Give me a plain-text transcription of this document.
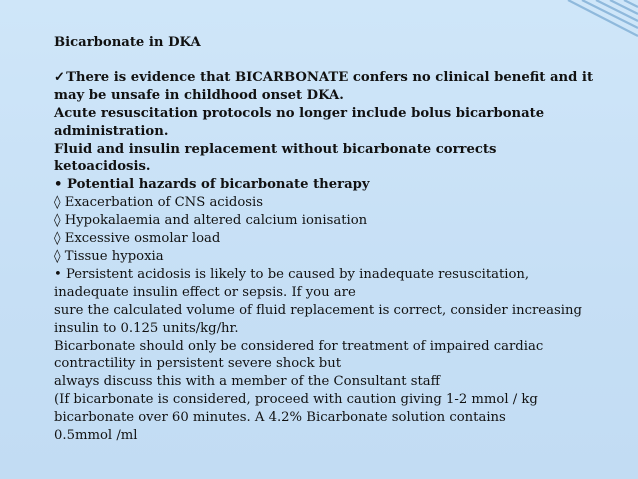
Bicarbonate in DKA
✓There is evidence that BICARBONATE confers no clinical benefit and it
may be unsafe in childhood onset DKA.
Acute resuscitation protocols no longer include bolus bicarbonate
administration.
Fluid and insulin replacement without bicarbonate corrects
ketoacidosis.
• Potential hazards of bicarbonate therapy
◊ Exacerbation of CNS acidosis
◊ Hypokalaemia and altered calcium ionisation
◊ Excessive osmolar load
◊ Tissue hypoxia
• Persistent acidosis is likely to be caused by inadequate resuscitation,
inadequate insulin effect or sepsis. If you are
sure the calculated volume of fluid replacement is correct, consider increasing
insulin to 0.125 units/kg/hr.
Bicarbonate should only be considered for treatment of impaired cardiac
contractility in persistent severe shock but
always discuss this with a member of the Consultant staff
(If bicarbonate is considered, proceed with caution giving 1-2 mmol / kg
bicarbonate over 60 minutes. A 4.2% Bicarbonate solution contains
0.5mmol /ml
